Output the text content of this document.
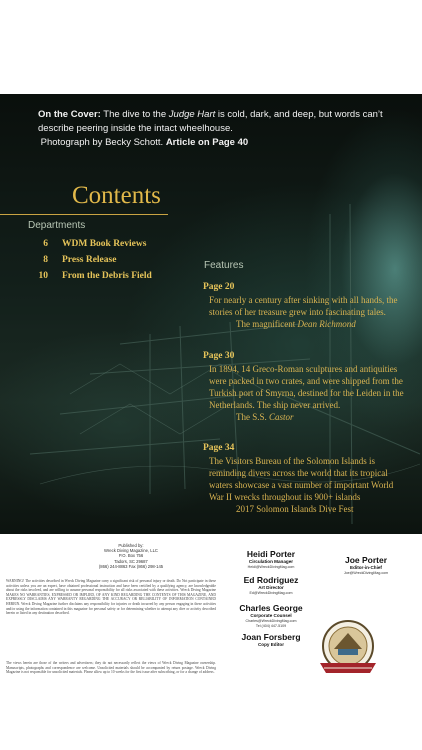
On the Cover: The dive to the Judge Hart is cold, dark, and deep, but words can’t describe peering inside the intact wheelhouse.
Photograph by Becky Schott. Article on Page 40
Contents
Departments
6 WDM Book Reviews
8 Press Release
10 From the Debris Field
Features
Page 20
For nearly a century after sinking with all hands, the stories of her treasure grew into fascinating tales.
The magnificent Dean Richmond
Page 30
In 1894, 14 Greco-Roman sculptures and antiquities were packed in two crates, and were shipped from the Turkish port of Smyrna, destined for the Leiden in the Netherlands. The ship never arrived.
The S.S. Castor
Page 34
The Visitors Bureau of the Solomon Islands is reminding divers across the world that its tropical waters showcase a vast number of important World War II wrecks throughout its 900+ islands
2017 Solomon Islands Dive Fest
Published by:
Wreck Diving Magazine, LLC
P.O. Box 756
Tadors, SC 29687
(866) 244-8863 Fax (866) 298-145
WARNING! The activities described in Wreck Diving Magazine carry a significant risk of personal injury or death. Do Not participate in these activities unless you are an expert, have obtained professional instruction and have been certified by a qualifying agency, are knowledgeable about the risks involved, and are willing to assume personal responsibility for all risks associated with these activities. Wreck Diving Magazine MAKES NO WARRANTIES, EXPRESSED OR IMPLIED, OF ANY KIND REGARDING THE CONTENTS OF THIS MAGAZINE, AND EXPRESSLY DISCLAIMS ANY WARRANTY REGARDING THE ACCURACY OR RELIABILITY OF INFORMATION CONTAINED HEREIN. Wreck Diving Magazine further disclaims any responsibility for injuries or death incurred by any person engaging in these activities and/or using the information contained in this magazine for personal safety or for determining whether to attempt any dive or activity described herein or listed in any destination described.
The views herein are those of the writers and advertisers; they do not necessarily reflect the views of Wreck Diving Magazine ownership. Manuscripts, photographs and correspondence are welcome. Unsolicited materials should be accompanied by return postage. Wreck Diving Magazine is not responsible for unsolicited materials. Please allow up to 10 weeks for the first issue after subscribing, or for a change of address.
Heidi Porter
Circulation Manager
Heidi@WreckDivingMag.com
Joe Porter
Editor-in-Chief
Joe@WreckDivingMag.com
Ed Rodriguez
Art Director
Ed@WreckDivingMag.com
Charles George
Corporate Counsel
Charles@WreckDivingMag.com
Tel (404) 447-5109
Joan Forsberg
Copy Editor
